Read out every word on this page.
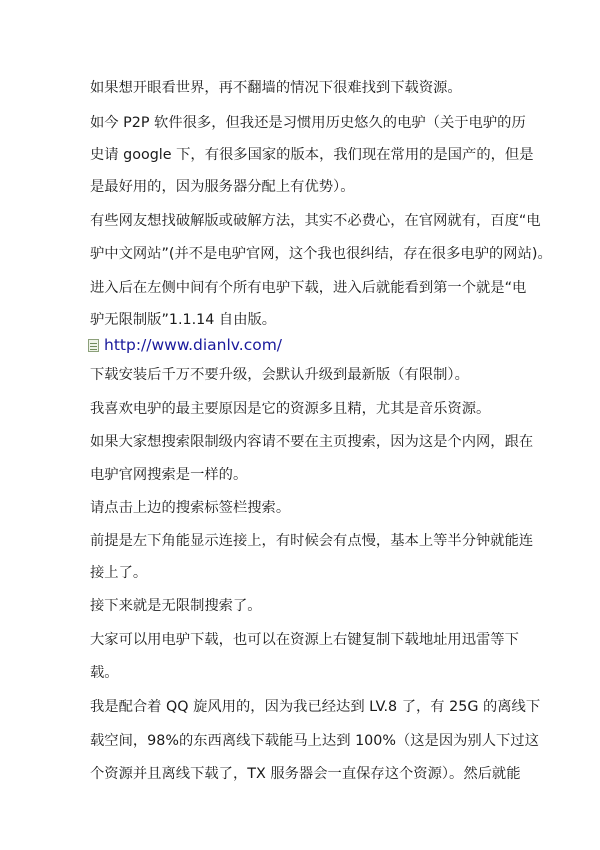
如果想开眼看世界，再不翻墙的情况下很难找到下载资源。
如今 P2P 软件很多，但我还是习惯用历史悠久的电驴（关于电驴的历
史请 google 下，有很多国家的版本，我们现在常用的是国产的，但是
是最好用的，因为服务器分配上有优势）。
有些网友想找破解版或破解方法，其实不必费心，在官网就有，百度“电
驴中文网站”(并不是电驴官网，这个我也很纠结，存在很多电驴的网站)。
进入后在左侧中间有个所有电驴下载，进入后就能看到第一个就是“电
驴无限制版”1.1.14 自由版。
http://www.dianlv.com/
下载安装后千万不要升级，会默认升级到最新版（有限制）。
我喜欢电驴的最主要原因是它的资源多且精，尤其是音乐资源。
如果大家想搜索限制级内容请不要在主页搜索，因为这是个内网，跟在
电驴官网搜索是一样的。
请点击上边的搜索标签栏搜索。
前提是左下角能显示连接上，有时候会有点慢，基本上等半分钟就能连
接上了。
接下来就是无限制搜索了。
大家可以用电驴下载，也可以在资源上右键复制下载地址用迅雷等下
载。
我是配合着 QQ 旋风用的，因为我已经达到 LV.8 了，有 25G 的离线下
载空间，98%的东西离线下载能马上达到 100%（这是因为别人下过这
个资源并且离线下载了，TX 服务器会一直保存这个资源）。然后就能
